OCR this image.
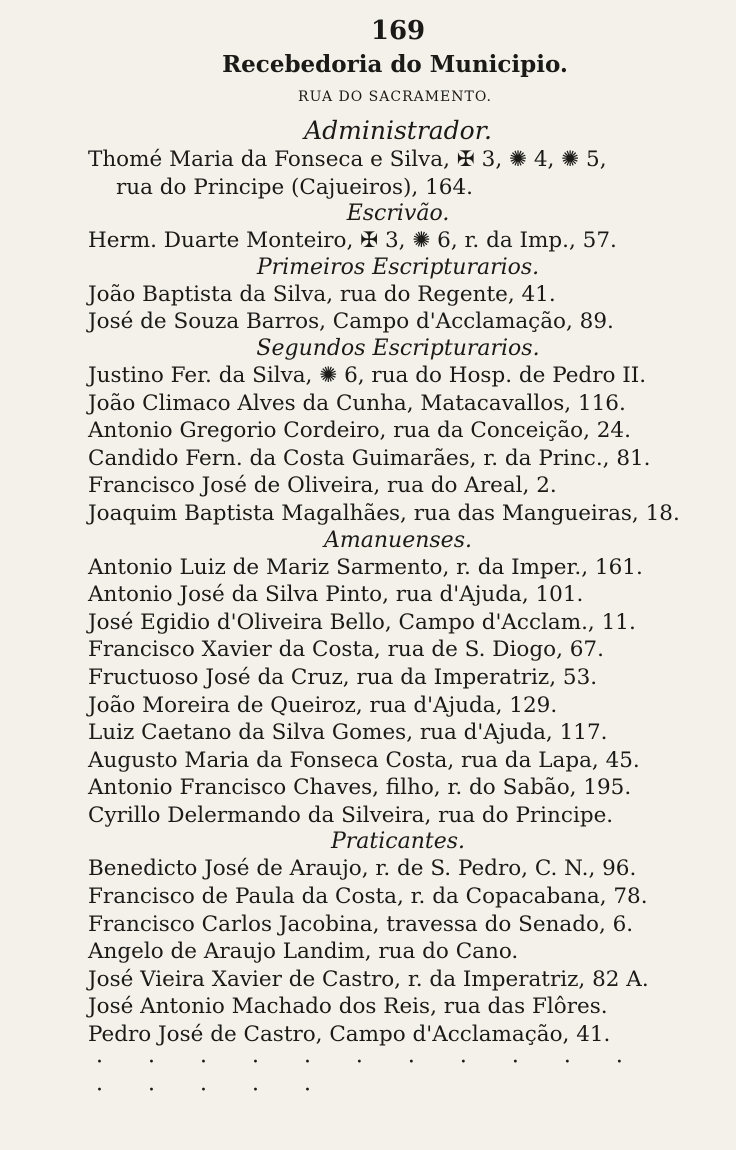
169
Recebedoria do Municipio.
RUA DO SACRAMENTO.
Administrador.
Thomé Maria da Fonseca e Silva, ✠ 3, ✺ 4, ✺ 5,
rua do Principe (Cajueiros), 164.
Escrivão.
Herm. Duarte Monteiro, ✠ 3, ✺ 6, r. da Imp., 57.
Primeiros Escripturarios.
João Baptista da Silva, rua do Regente, 41.
José de Souza Barros, Campo d'Acclamação, 89.
Segundos Escripturarios.
Justino Fer. da Silva, ✺ 6, rua do Hosp. de Pedro II.
João Climaco Alves da Cunha, Matacavallos, 116.
Antonio Gregorio Cordeiro, rua da Conceição, 24.
Candido Fern. da Costa Guimarães, r. da Princ., 81.
Francisco José de Oliveira, rua do Areal, 2.
Joaquim Baptista Magalhães, rua das Mangueiras, 18.
Amanuenses.
Antonio Luiz de Mariz Sarmento, r. da Imper., 161.
Antonio José da Silva Pinto, rua d'Ajuda, 101.
José Egidio d'Oliveira Bello, Campo d'Acclam., 11.
Francisco Xavier da Costa, rua de S. Diogo, 67.
Fructuoso José da Cruz, rua da Imperatriz, 53.
João Moreira de Queiroz, rua d'Ajuda, 129.
Luiz Caetano da Silva Gomes, rua d'Ajuda, 117.
Augusto Maria da Fonseca Costa, rua da Lapa, 45.
Antonio Francisco Chaves, filho, r. do Sabão, 195.
Cyrillo Delermando da Silveira, rua do Principe.
Praticantes.
Benedicto José de Araujo, r. de S. Pedro, C. N., 96.
Francisco de Paula da Costa, r. da Copacabana, 78.
Francisco Carlos Jacobina, travessa do Senado, 6.
Angelo de Araujo Landim, rua do Cano.
José Vieira Xavier de Castro, r. da Imperatriz, 82 A.
José Antonio Machado dos Reis, rua das Flôres.
Pedro José de Castro, Campo d'Acclamação, 41.
· · · · · · · · · · · · · · · ·
